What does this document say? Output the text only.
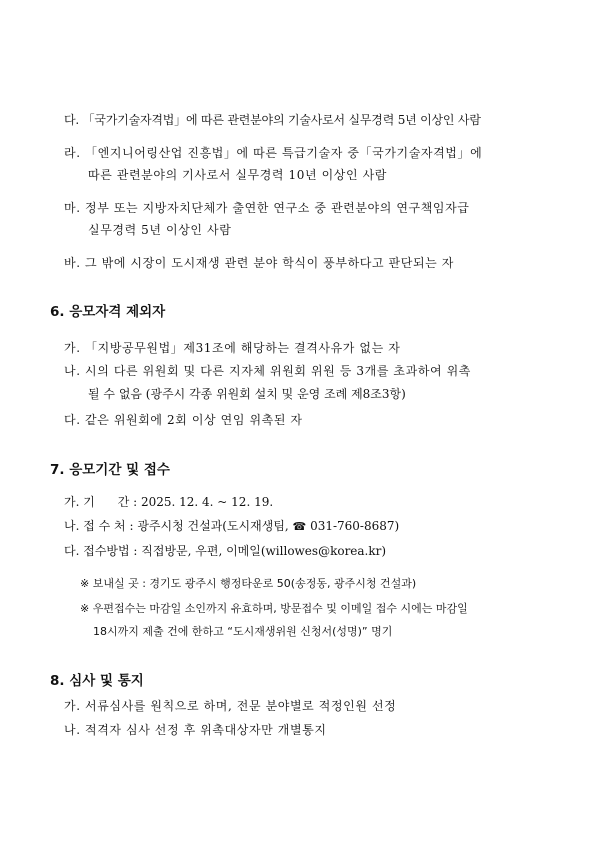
다. 「국가기술자격법」에 따른 관련분야의 기술사로서 실무경력 5년 이상인 사람
라. 「엔지니어링산업 진흥법」에 따른 특급기술자 중「국가기술자격법」에
따른 관련분야의 기사로서 실무경력 10년 이상인 사람
마. 정부 또는 지방자치단체가 출연한 연구소 중 관련분야의 연구책임자급
실무경력 5년 이상인 사람
바. 그 밖에 시장이 도시재생 관련 분야 학식이 풍부하다고 판단되는 자
6. 응모자격 제외자
가. 「지방공무원법」제31조에 해당하는 결격사유가 없는 자
나. 시의 다른 위원회 및 다른 지자체 위원회 위원 등 3개를 초과하여 위촉
될 수 없음 (광주시 각종 위원회 설치 및 운영 조례 제8조3항)
다. 같은 위원회에 2회 이상 연임 위촉된 자
7. 응모기간 및 접수
가. 기      간 : 2025. 12. 4. ~ 12. 19.
나. 접 수 처 : 광주시청 건설과(도시재생팀, ☎ 031-760-8687)
다. 접수방법 : 직접방문, 우편, 이메일(willowes@korea.kr)
※ 보내실 곳 : 경기도 광주시 행정타운로 50(송정동, 광주시청 건설과)
※ 우편접수는 마감일 소인까지 유효하며, 방문접수 및 이메일 접수 시에는 마감일
18시까지 제출 건에 한하고 “도시재생위원 신청서(성명)” 명기
8. 심사 및 통지
가. 서류심사를 원칙으로 하며, 전문 분야별로 적정인원 선정
나. 적격자 심사 선정 후 위촉대상자만 개별통지
